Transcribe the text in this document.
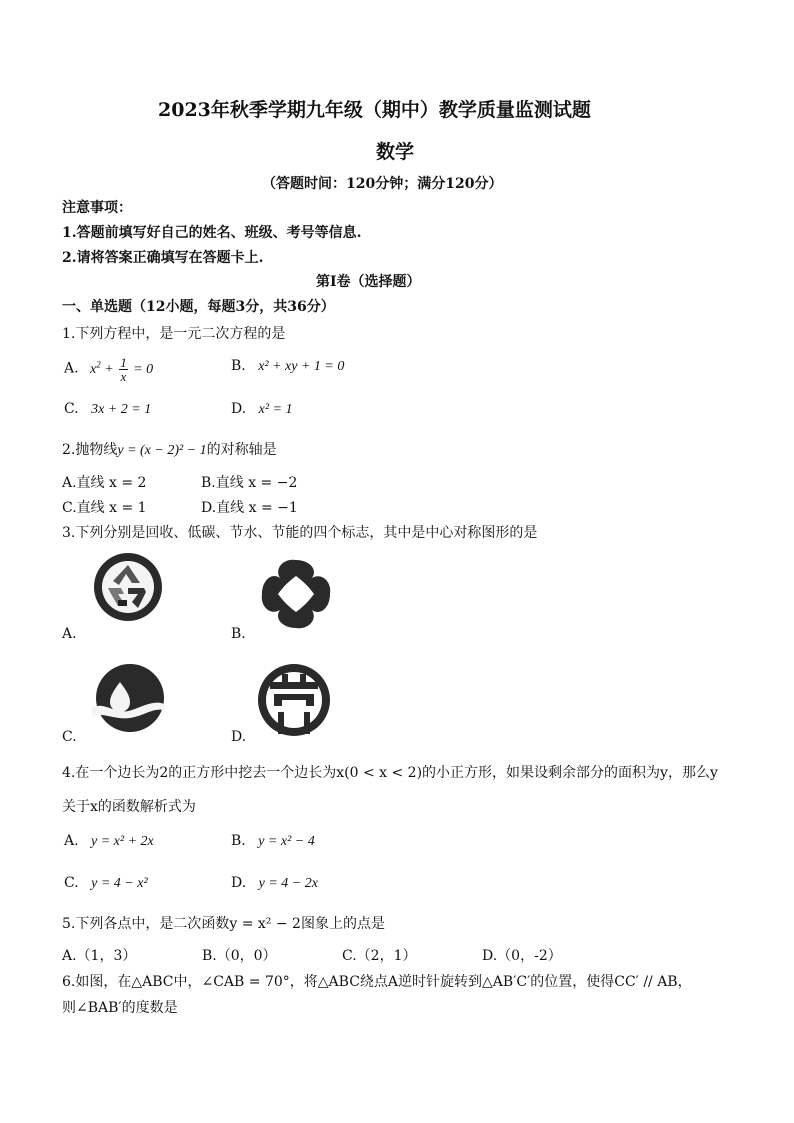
2023年秋季学期九年级（期中）教学质量监测试题
数学
（答题时间：120分钟；满分120分）
注意事项：
1.答题前填写好自己的姓名、班级、考号等信息.
2.请将答案正确填写在答题卡上.
第Ⅰ卷（选择题）
一、单选题（12小题，每题3分，共36分）
1.下列方程中，是一元二次方程的是
A.   $x^2 + \frac{1}{x} = 0$	B. x² + xy + 1 = 0
C. 3x + 2 = 1	D. x² = 1
2.抛物线y = (x − 2)² − 1的对称轴是
A.直线 x = 2	B.直线 x = −2
C.直线 x = 1	D.直线 x = −1
3.下列分别是回收、低碳、节水、节能的四个标志，其中是中心对称图形的是
A.	B.
C.	D.
4.在一个边长为2的正方形中挖去一个边长为x(0 < x < 2)的小正方形，如果设剩余部分的面积为y，那么y
关于x的函数解析式为
A. y = x² + 2x	B. y = x² − 4
C. y = 4 − x²	D. y = 4 − 2x
5.下列各点中，是二次函数y = x² − 2图象上的点是
A.（1，3）	B.（0，0）	C.（2，1）	D.（0，-2）
6.如图，在△ABC中，∠CAB = 70°，将△ABC绕点A逆时针旋转到△AB′C′的位置，使得CC′ // AB，
则∠BAB′的度数是
